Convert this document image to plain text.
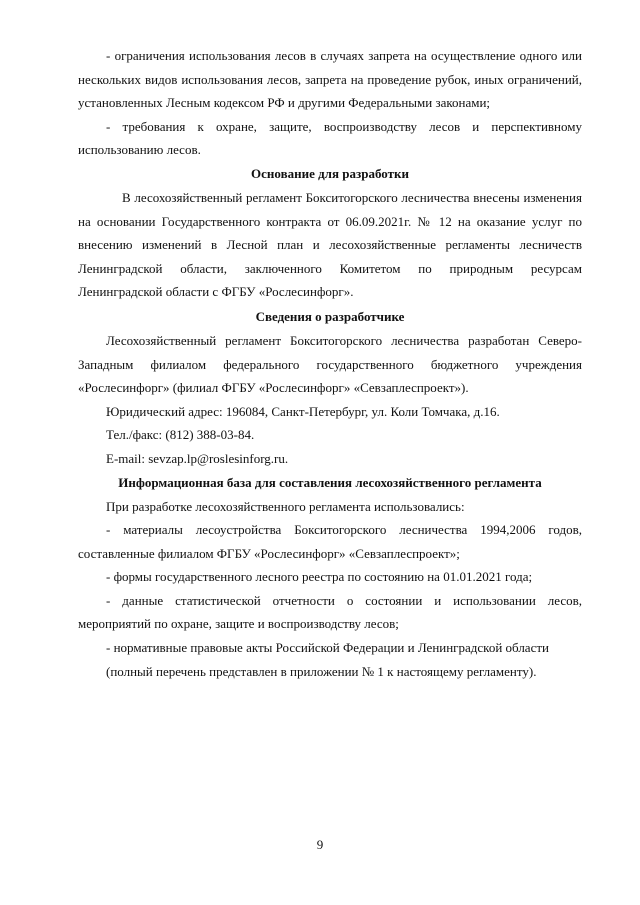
- ограничения использования лесов в случаях запрета на осуществление одного или нескольких видов использования лесов, запрета на проведение рубок, иных ограничений, установленных Лесным кодексом РФ и другими Федеральными законами;

- требования к охране, защите, воспроизводству лесов и перспективному использованию лесов.

Основание для разработки

В лесохозяйственный регламент Бокситогорского лесничества внесены изменения на основании Государственного контракта от 06.09.2021г. № 12 на оказание услуг по внесению изменений в Лесной план и лесохозяйственные регламенты лесничеств Ленинградской области, заключенного Комитетом по природным ресурсам Ленинградской области с ФГБУ «Рослесинфорг».

Сведения о разработчике

Лесохозяйственный регламент Бокситогорского лесничества разработан Северо-Западным филиалом федерального государственного бюджетного учреждения «Рослесинфорг» (филиал ФГБУ «Рослесинфорг» «Севзаплеспроект»).

Юридический адрес: 196084, Санкт-Петербург, ул. Коли Томчака, д.16.

Тел./факс: (812) 388-03-84.

E-mail: sevzap.lp@roslesinforg.ru.

Информационная база для составления лесохозяйственного регламента

При разработке лесохозяйственного регламента использовались:

- материалы лесоустройства Бокситогорского лесничества 1994,2006 годов, составленные филиалом ФГБУ «Рослесинфорг» «Севзаплеспроект»;

- формы государственного лесного реестра по состоянию на 01.01.2021 года;

- данные статистической отчетности о состоянии и использовании лесов, мероприятий по охране, защите и воспроизводству лесов;

- нормативные правовые акты Российской Федерации и Ленинградской области

(полный перечень представлен в приложении № 1 к настоящему регламенту).

9
